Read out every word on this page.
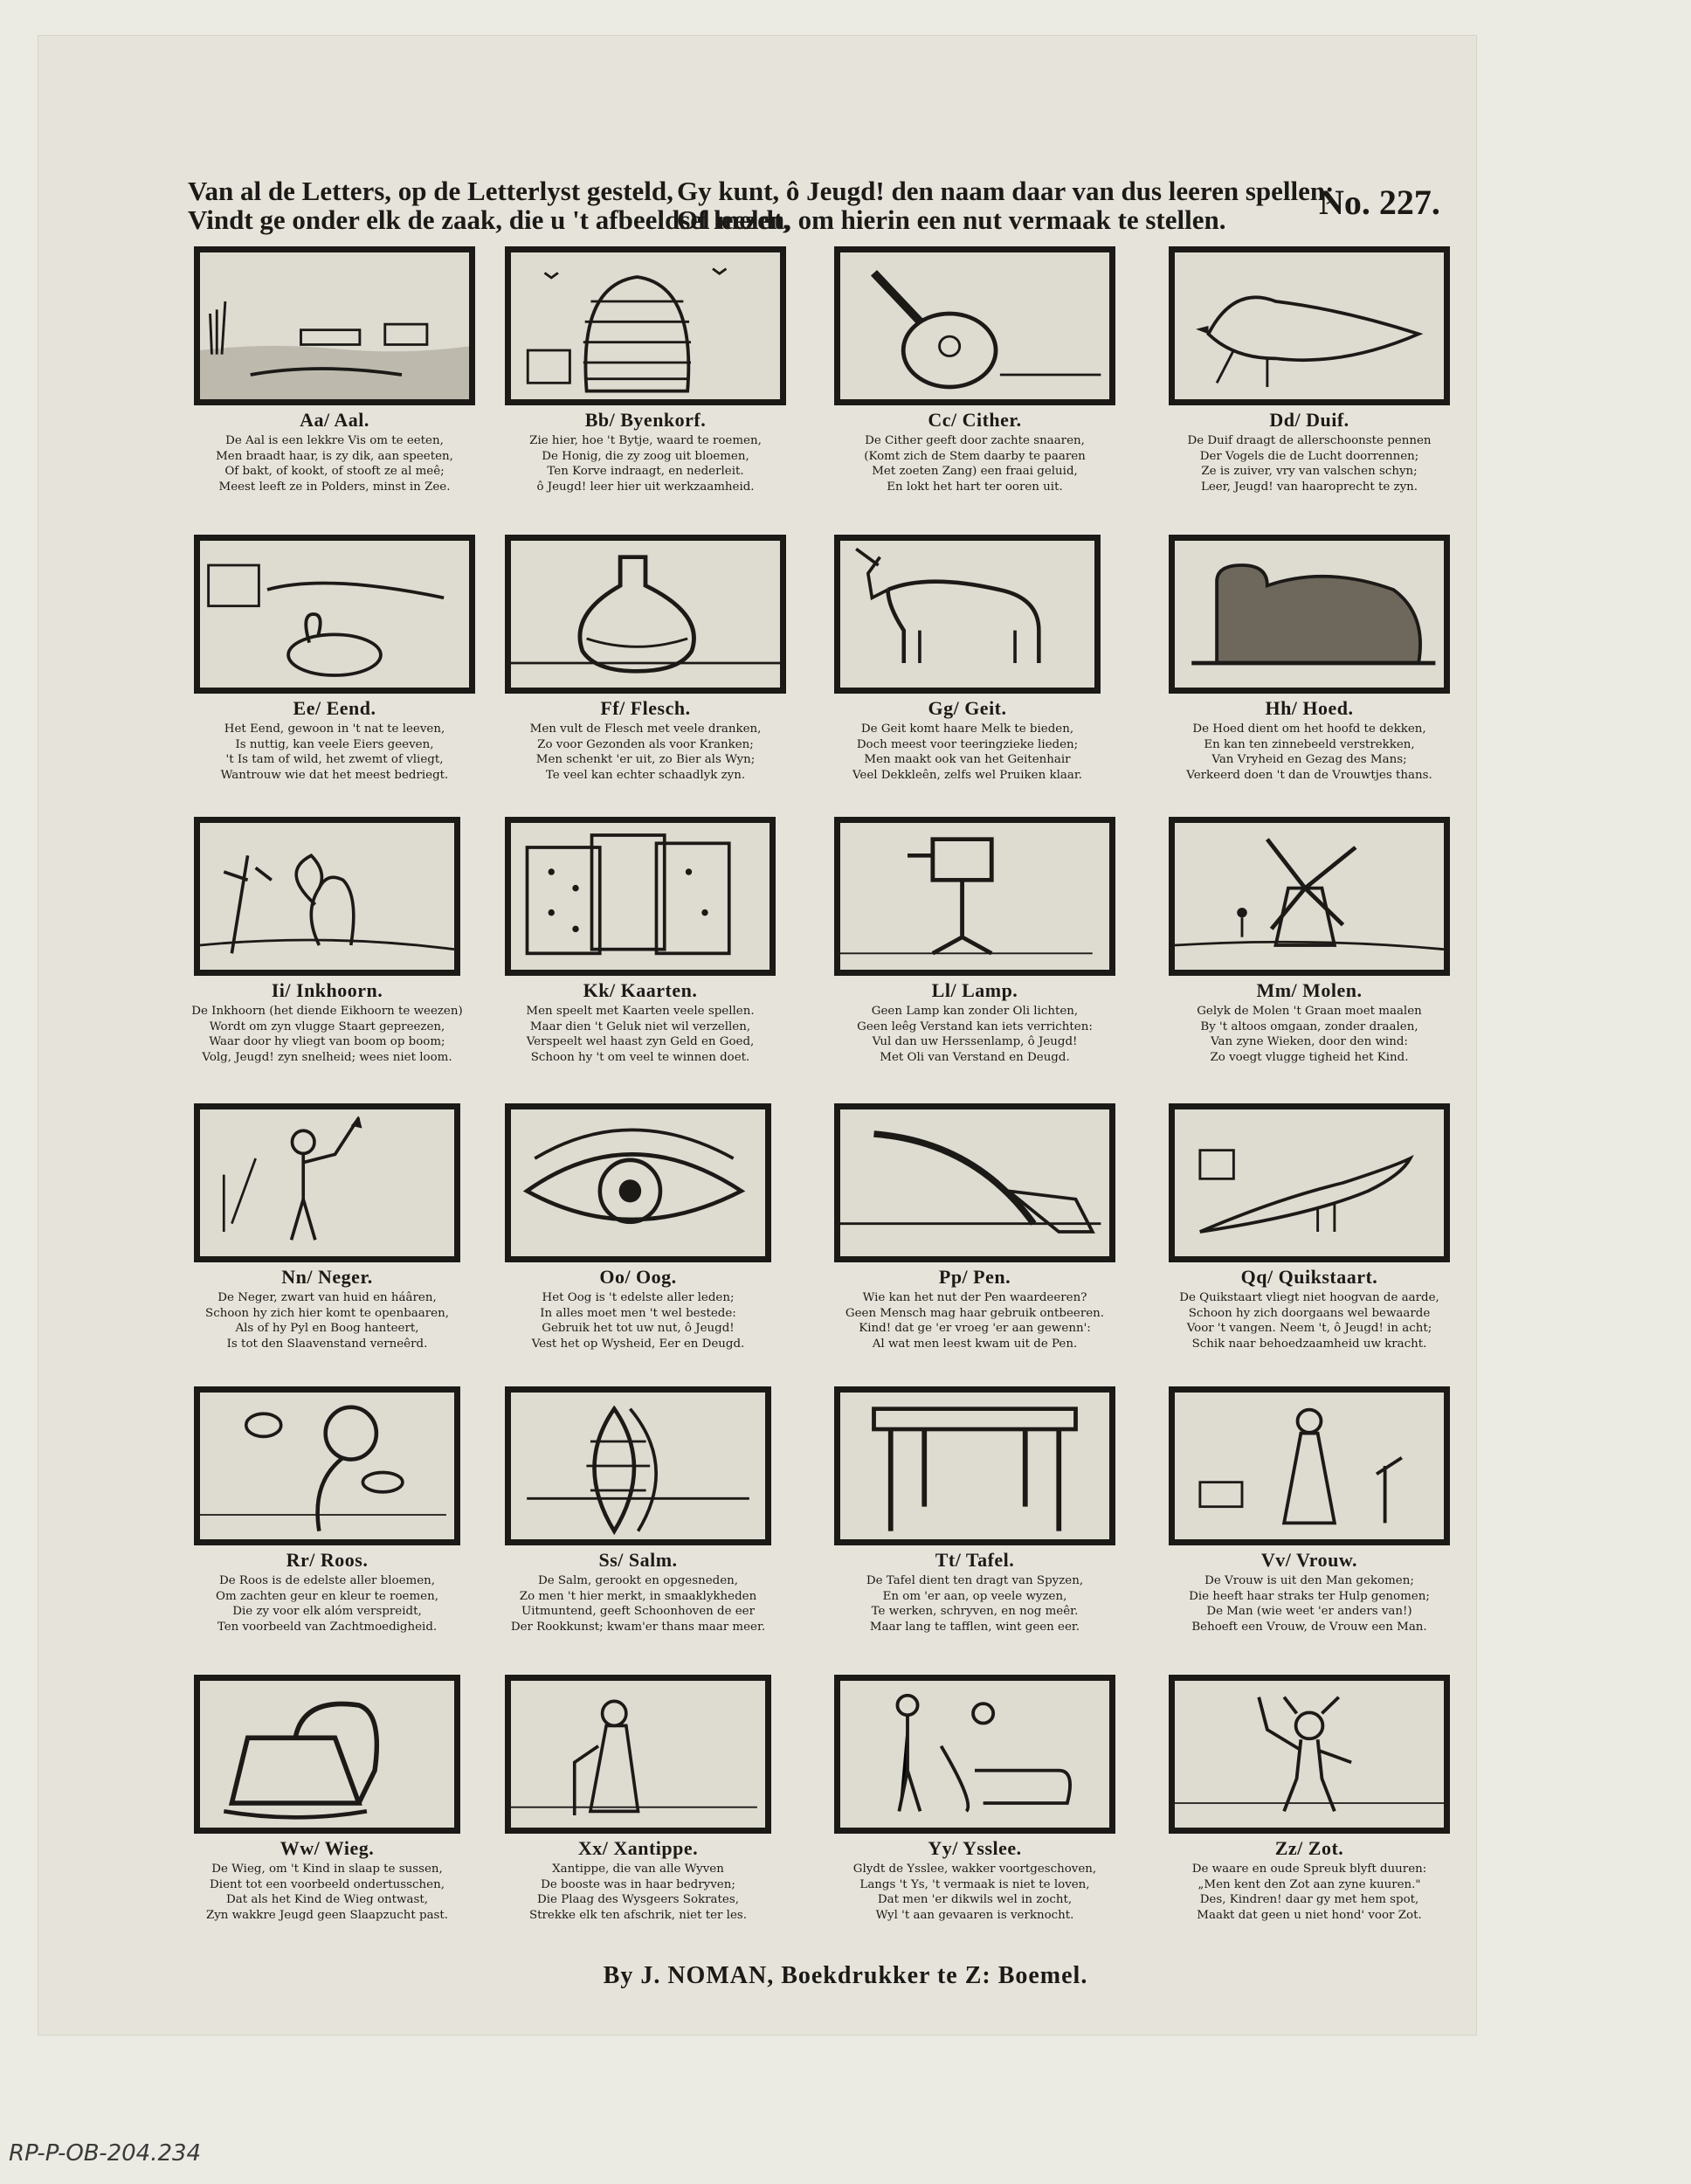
Van al de Letters, op de Letterlyst gesteld, Gy kunt, ô Jeugd! den naam daar van dus leeren spellen;
Vindt ge onder elk de zaak, die u 't afbeeldsel meldt,Of leezen, om hierin een nut vermaak te stellen.	No. 227.
Aa/ Aal.
De Aal is een lekkre Vis om te eeten,
Men braadt haar, is zy dik, aan speeten,
Of bakt, of kookt, of stooft ze al meê;
Meest leeft ze in Polders, minst in Zee.
Bb/ Byenkorf.
Zie hier, hoe 't Bytje, waard te roemen,
De Honig, die zy zoog uit bloemen,
Ten Korve indraagt, en nederleit.
ô Jeugd! leer hier uit werkzaamheid.
Cc/ Cither.
De Cither geeft door zachte snaaren,
(Komt zich de Stem daarby te paaren
Met zoeten Zang) een fraai geluid,
En lokt het hart ter ooren uit.
Dd/ Duif.
De Duif draagt de allerschoonste pennen
Der Vogels die de Lucht doorrennen;
Ze is zuiver, vry van valschen schyn;
Leer, Jeugd! van haaroprecht te zyn.
Ee/ Eend.
Het Eend, gewoon in 't nat te leeven,
Is nuttig, kan veele Eiers geeven,
't Is tam of wild, het zwemt of vliegt,
Wantrouw wie dat het meest bedriegt.
Ff/ Flesch.
Men vult de Flesch met veele dranken,
Zo voor Gezonden als voor Kranken;
Men schenkt 'er uit, zo Bier als Wyn;
Te veel kan echter schaadlyk zyn.
Gg/ Geit.
De Geit komt haare Melk te bieden,
Doch meest voor teeringzieke lieden;
Men maakt ook van het Geitenhair
Veel Dekkleên, zelfs wel Pruiken klaar.
Hh/ Hoed.
De Hoed dient om het hoofd te dekken,
En kan ten zinnebeeld verstrekken,
Van Vryheid en Gezag des Mans;
Verkeerd doen 't dan de Vrouwtjes thans.
Ii/ Inkhoorn.
De Inkhoorn (het diende Eikhoorn te weezen)
Wordt om zyn vlugge Staart gepreezen,
Waar door hy vliegt van boom op boom;
Volg, Jeugd! zyn snelheid; wees niet loom.
Kk/ Kaarten.
Men speelt met Kaarten veele spellen.
Maar dien 't Geluk niet wil verzellen,
Verspeelt wel haast zyn Geld en Goed,
Schoon hy 't om veel te winnen doet.
Ll/ Lamp.
Geen Lamp kan zonder Oli lichten,
Geen leêg Verstand kan iets verrichten:
Vul dan uw Herssenlamp, ô Jeugd!
Met Oli van Verstand en Deugd.
Mm/ Molen.
Gelyk de Molen 't Graan moet maalen
By 't altoos omgaan, zonder draalen,
Van zyne Wieken, door den wind:
Zo voegt vlugge tigheid het Kind.
Nn/ Neger.
De Neger, zwart van huid en háâren,
Schoon hy zich hier komt te openbaaren,
Als of hy Pyl en Boog hanteert,
Is tot den Slaavenstand verneêrd.
Oo/ Oog.
Het Oog is 't edelste aller leden;
In alles moet men 't wel bestede:
Gebruik het tot uw nut, ô Jeugd!
Vest het op Wysheid, Eer en Deugd.
Pp/ Pen.
Wie kan het nut der Pen waardeeren?
Geen Mensch mag haar gebruik ontbeeren.
Kind! dat ge 'er vroeg 'er aan gewenn':
Al wat men leest kwam uit de Pen.
Qq/ Quikstaart.
De Quikstaart vliegt niet hoogvan de aarde,
Schoon hy zich doorgaans wel bewaarde
Voor 't vangen. Neem 't, ô Jeugd! in acht;
Schik naar behoedzaamheid uw kracht.
Rr/ Roos.
De Roos is de edelste aller bloemen,
Om zachten geur en kleur te roemen,
Die zy voor elk alóm verspreidt,
Ten voorbeeld van Zachtmoedigheid.
Ss/ Salm.
De Salm, gerookt en opgesneden,
Zo men 't hier merkt, in smaaklykheden
Uitmuntend, geeft Schoonhoven de eer
Der Rookkunst; kwam'er thans maar meer.
Tt/ Tafel.
De Tafel dient ten dragt van Spyzen,
En om 'er aan, op veele wyzen,
Te werken, schryven, en nog meêr.
Maar lang te tafflen, wint geen eer.
Vv/ Vrouw.
De Vrouw is uit den Man gekomen;
Die heeft haar straks ter Hulp genomen;
De Man (wie weet 'er anders van!)
Behoeft een Vrouw, de Vrouw een Man.
Ww/ Wieg.
De Wieg, om 't Kind in slaap te sussen,
Dient tot een voorbeeld ondertusschen,
Dat als het Kind de Wieg ontwast,
Zyn wakkre Jeugd geen Slaapzucht past.
Xx/ Xantippe.
Xantippe, die van alle Wyven
De booste was in haar bedryven;
Die Plaag des Wysgeers Sokrates,
Strekke elk ten afschrik, niet ter les.
Yy/ Ysslee.
Glydt de Ysslee, wakker voortgeschoven,
Langs 't Ys, 't vermaak is niet te loven,
Dat men 'er dikwils wel in zocht,
Wyl 't aan gevaaren is verknocht.
Zz/ Zot.
De waare en oude Spreuk blyft duuren:
„Men kent den Zot aan zyne kuuren."
Des, Kindren! daar gy met hem spot,
Maakt dat geen u niet hond' voor Zot.
By J. NOMAN, Boekdrukker te Z: Boemel.
RP-P-OB-204.234
